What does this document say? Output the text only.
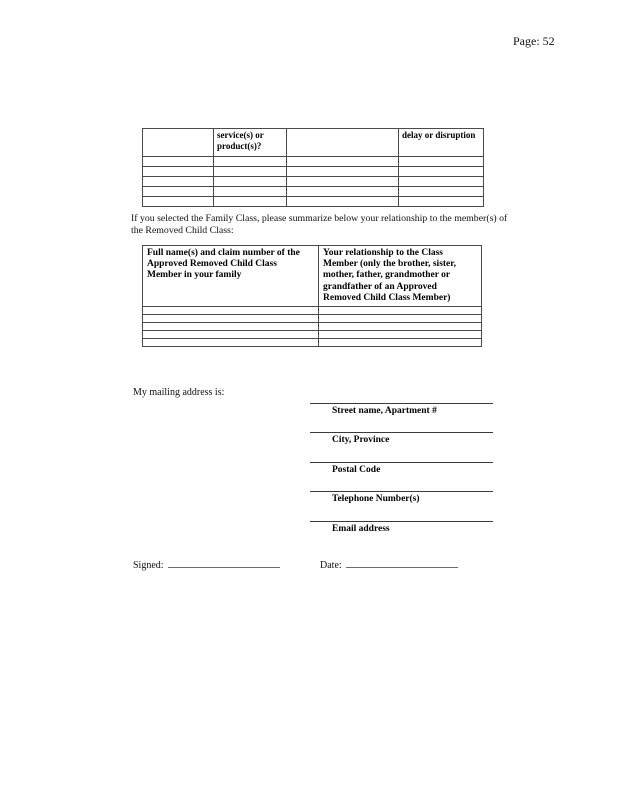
Page: 52
	service(s) or product(s)?		delay or disruption

If you selected the Family Class, please summarize below your relationship to the member(s) of
the Removed Child Class:
Full name(s) and claim number of the Approved Removed Child Class Member in your family	Your relationship to the Class Member (only the brother, sister, mother, father, grandmother or grandfather of an Approved Removed Child Class Member)

My mailing address is:
Street name, Apartment #
City, Province
Postal Code
Telephone Number(s)
Email address
Signed:	Date:
